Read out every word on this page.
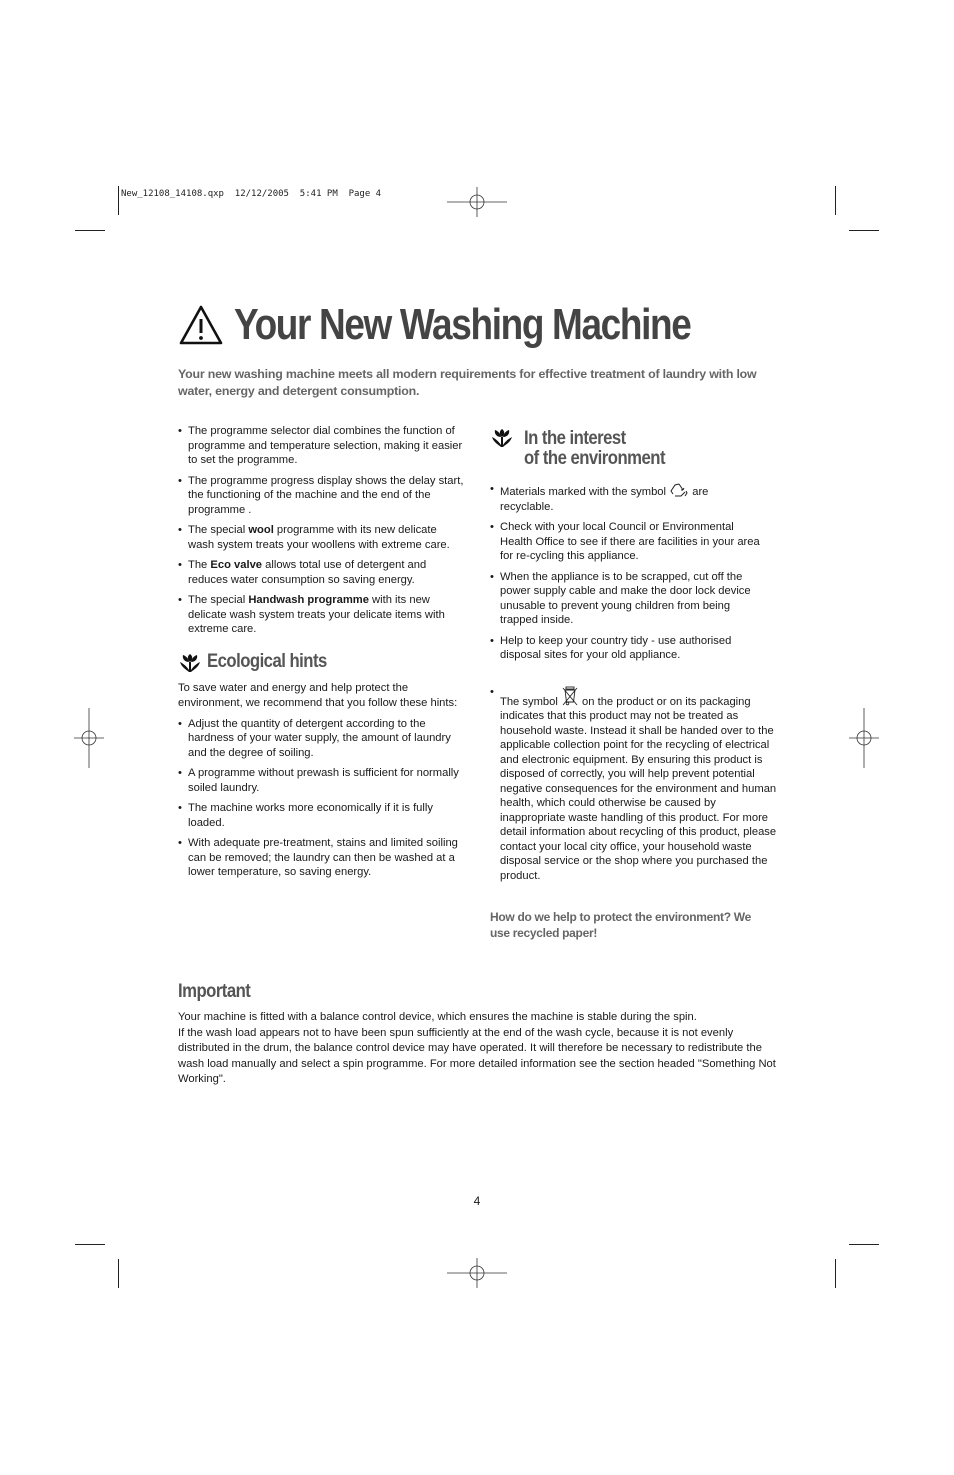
New_12108_14108.qxp  12/12/2005  5:41 PM  Page 4
Your New Washing Machine
Your new washing machine meets all modern requirements for effective treatment of laundry with low water, energy and detergent consumption.
• The programme selector dial combines the function of programme and temperature selection, making it easier to set the programme.
• The programme progress display shows the delay start, the functioning of the machine and the end of the programme .
• The special wool programme with its new delicate wash system treats your woollens with extreme care.
• The Eco valve allows total use of detergent and reduces water consumption so saving energy.
• The special Handwash programme with its new delicate wash system treats your delicate items with extreme care.
Ecological hints

To save water and energy and help protect the environment, we recommend that you follow these hints:

• Adjust the quantity of detergent according to the hardness of your water supply, the amount of laundry and the degree of soiling.
• A programme without prewash is sufficient for normally soiled laundry.
• The machine works more economically if it is fully loaded.
• With adequate pre-treatment, stains and limited soiling can be removed; the laundry can then be washed at a lower temperature, so saving energy.
In the interest
of the environment
• Materials marked with the symbol are recyclable.
• Check with your local Council or Environmental Health Office to see if there are facilities in your area for re-cycling this appliance.
• When the appliance is to be scrapped, cut off the power supply cable and make the door lock device unusable to prevent young children from being trapped inside.
• Help to keep your country tidy - use authorised disposal sites for your old appliance.
• The symbol on the product or on its packaging indicates that this product may not be treated as household waste. Instead it shall be handed over to the applicable collection point for the recycling of electrical and electronic equipment. By ensuring this product is disposed of correctly, you will help prevent potential negative consequences for the environment and human health, which could otherwise be caused by inappropriate waste handling of this product. For more detail information about recycling of this product, please contact your local city office, your household waste disposal service or the shop where you purchased the product.
How do we help to protect the environment? We use recycled paper!
Important

Your machine is fitted with a balance control device, which ensures the machine is stable during the spin.

If the wash load appears not to have been spun sufficiently at the end of the wash cycle, because it is not evenly distributed in the drum, the balance control device may have operated. It will therefore be necessary to redistribute the wash load manually and select a spin programme. For more detailed information see the section headed "Something Not Working".

4
